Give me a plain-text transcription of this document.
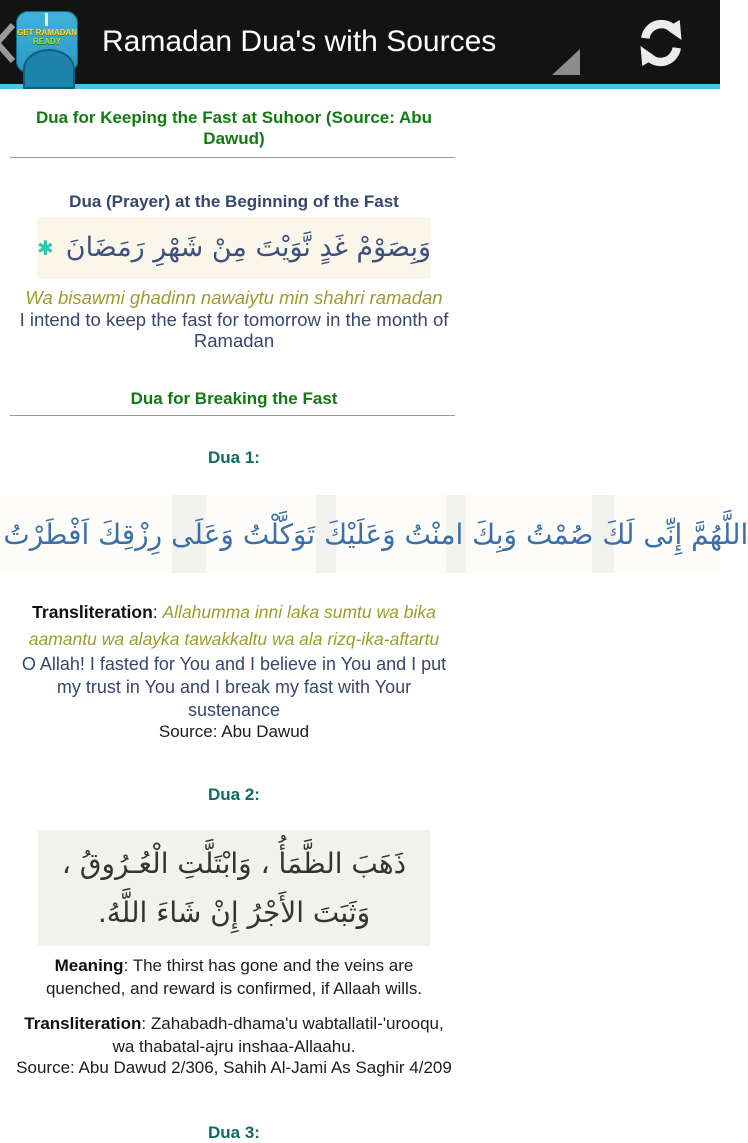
GET RAMADAN
READY	Ramadan Dua's with Sources
Dua for Keeping the Fast at Suhoor (Source: Abu Dawud)
Dua (Prayer) at the Beginning of the Fast
✱ وَبِصَوْمْ غَدٍ نَّوَيْتَ مِنْ شَهْرِ رَمَضَانَ
Wa bisawmi ghadinn nawaiytu min shahri ramadan
I intend to keep the fast for tomorrow in the month of Ramadan
Dua for Breaking the Fast
Dua 1:
اللَّهُمَّ إِنِّى لَكَ صُمْتُ وَبِكَ امنْتُ وَعَلَيْكَ تَوَكَّلْتُ وَعَلَى رِزْقِكَ اَفْطَرْتُ
Transliteration: Allahumma inni laka sumtu wa bika aamantu wa alayka tawakkaltu wa ala rizq-ika-aftartu
O Allah! I fasted for You and I believe in You and I put my trust in You and I break my fast with Your sustenance
Source: Abu Dawud
Dua 2:
ذَهَبَ الظَّمَأُ ، وَابْتَلَّتِ الْعُـرُوقُ ،
وَثَبَتَ الأَجْرُ إِنْ شَاءَ اللَّهُ.
Meaning: The thirst has gone and the veins are quenched, and reward is confirmed, if Allaah wills.
Transliteration: Zahabadh-dhama'u wabtallatil-'urooqu, wa thabatal-ajru inshaa-Allaahu.
Source: Abu Dawud 2/306, Sahih Al-Jami As Saghir 4/209
Dua 3:
